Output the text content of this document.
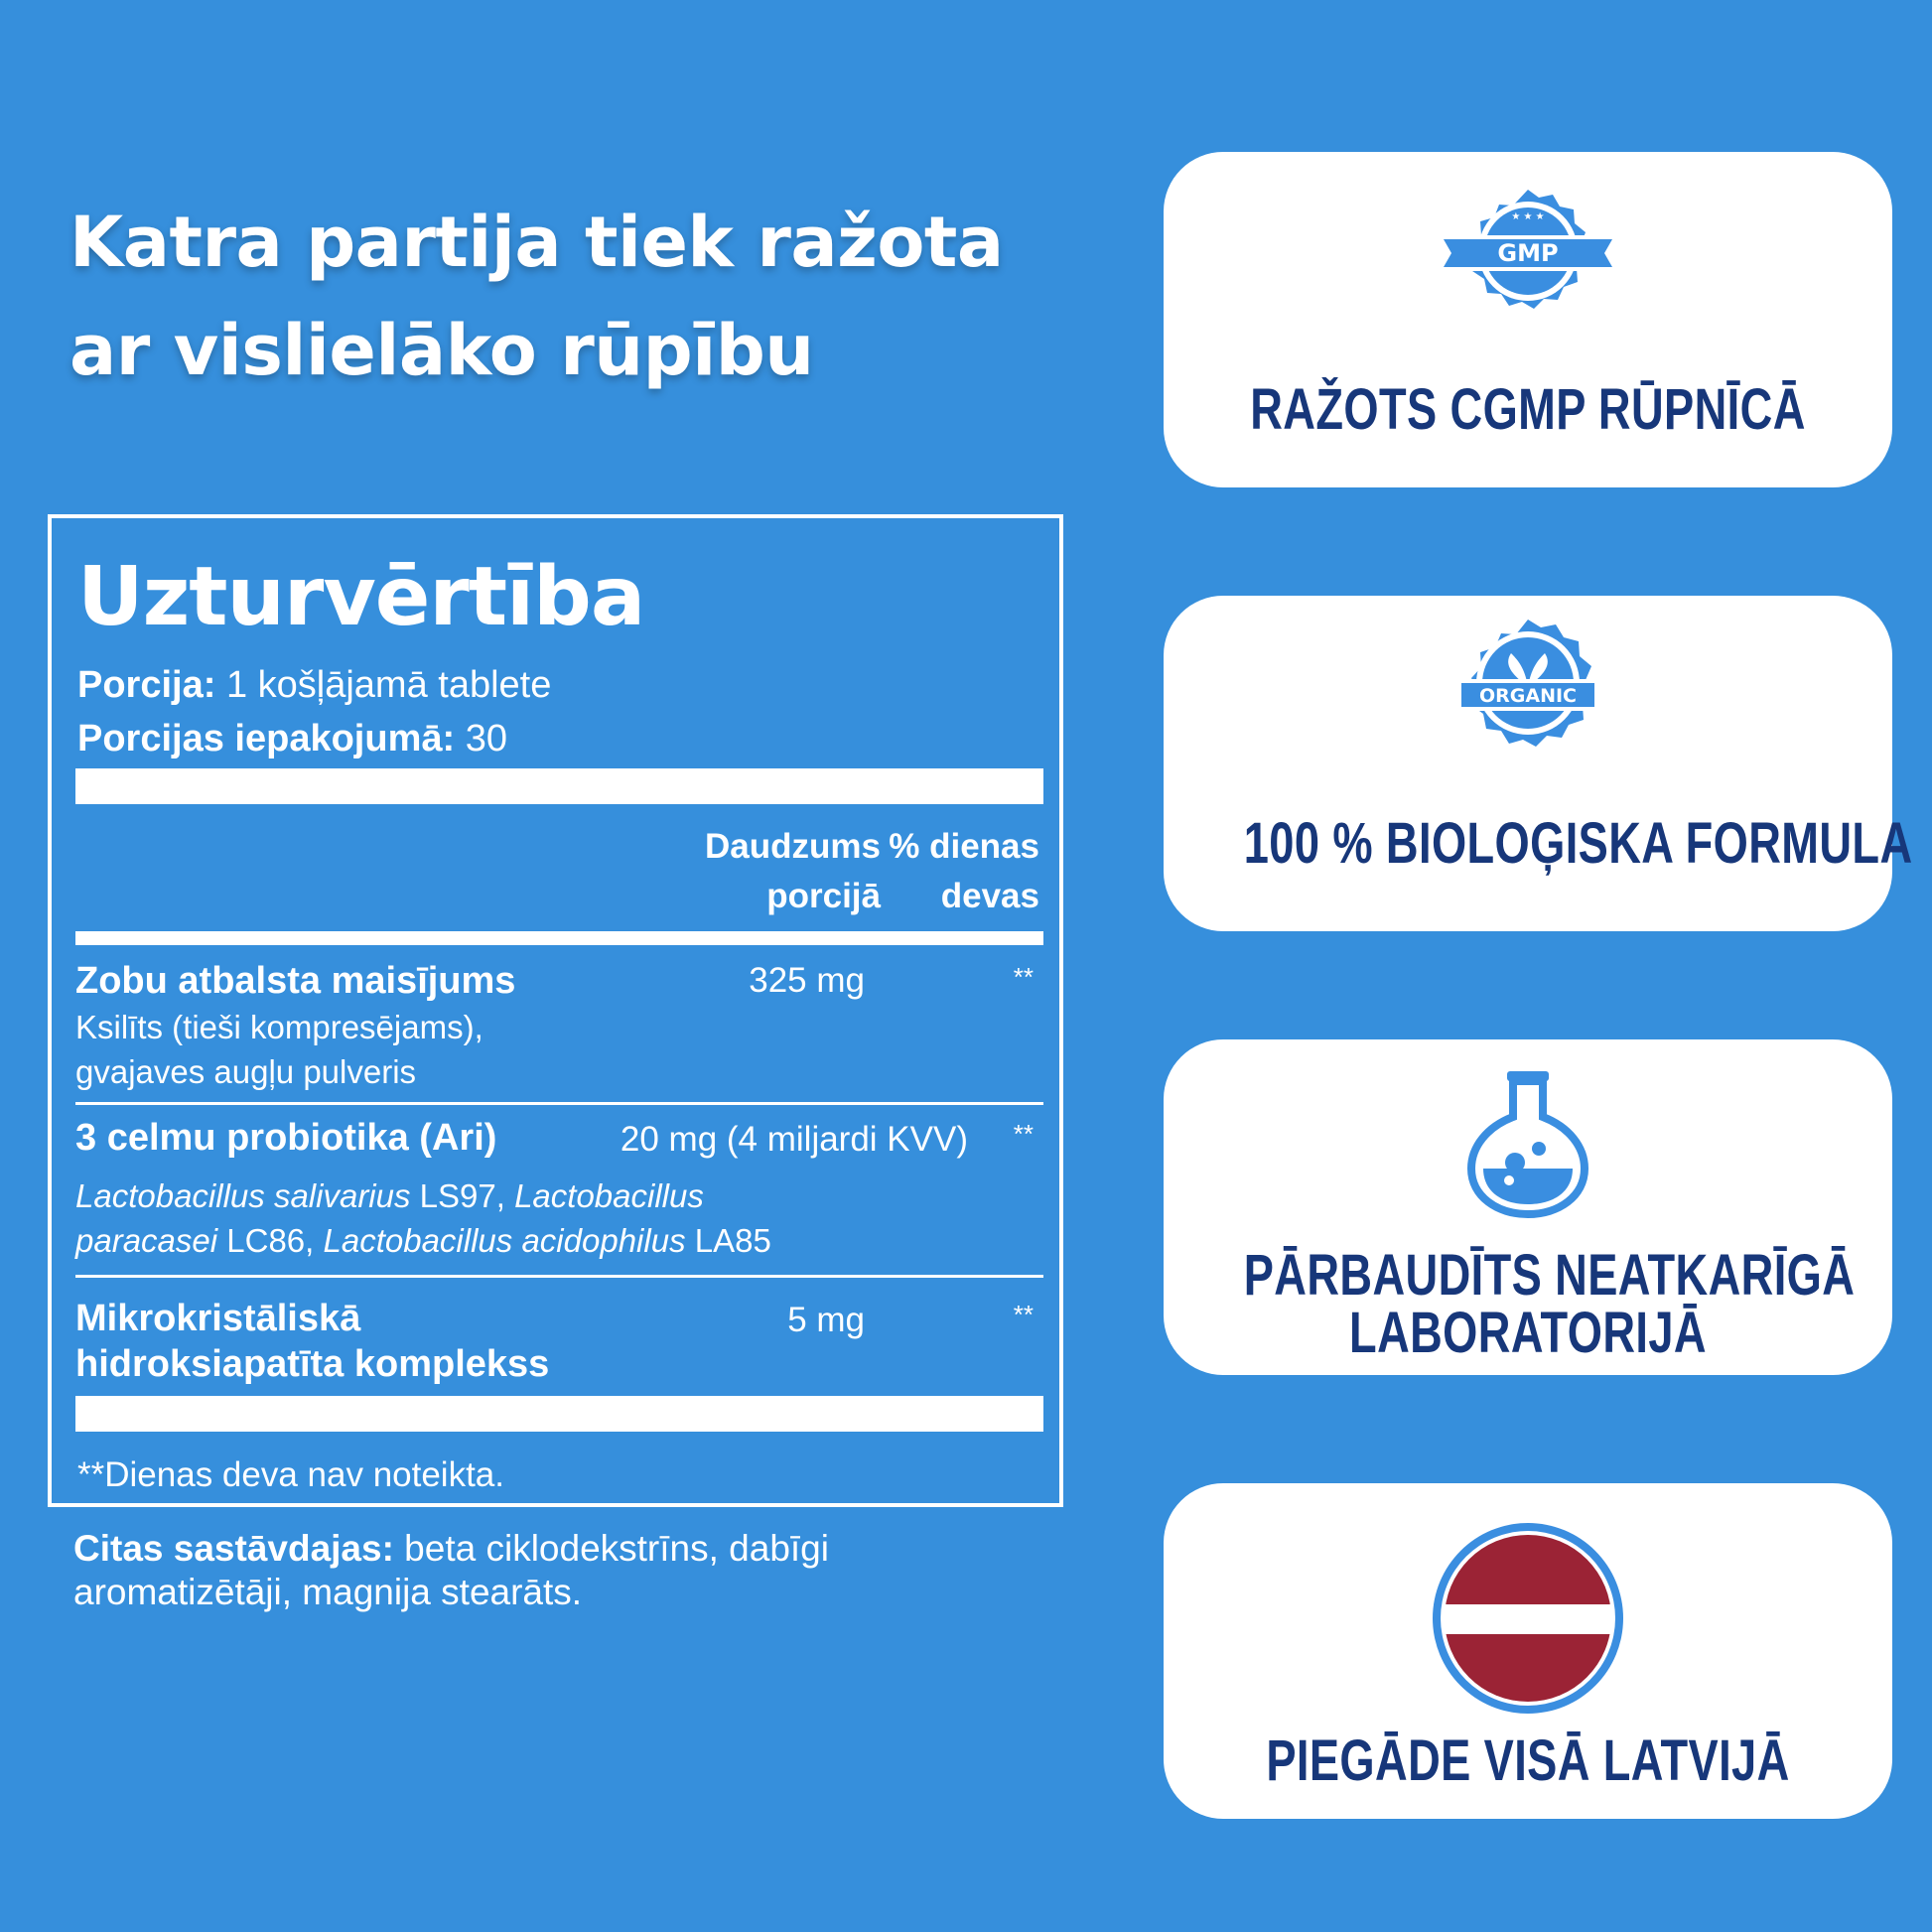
Katra partija tiek ražota
ar vislielāko rūpību
Uzturvērtība
Porcija: 1 košļājamā tablete
Porcijas iepakojumā: 30
Daudzums
porcijā
% dienas
devas
Zobu atbalsta maisījums	325 mg	**
Ksilīts (tieši kompresējams),
gvajaves augļu pulveris
3 celmu probiotika (Ari)	20 mg (4 miljardi KVV) **
Lactobacillus salivarius LS97, Lactobacillus
paracasei LC86, Lactobacillus acidophilus LA85
Mikrokristāliskā
hidroksiapatīta komplekss
5 mg	**
**Dienas deva nav noteikta.
Citas sastāvdajas: beta ciklodekstrīns, dabīgi
aromatizētāji, magnija stearāts.
GMP
★ ★ ★
RAŽOTS CGMP RŪPNĪCĀ
ORGANIC
100 % BIOLOĢISKA FORMULA
PĀRBAUDĪTS NEATKARĪGĀ
LABORATORIJĀ
PIEGĀDE VISĀ LATVIJĀ
